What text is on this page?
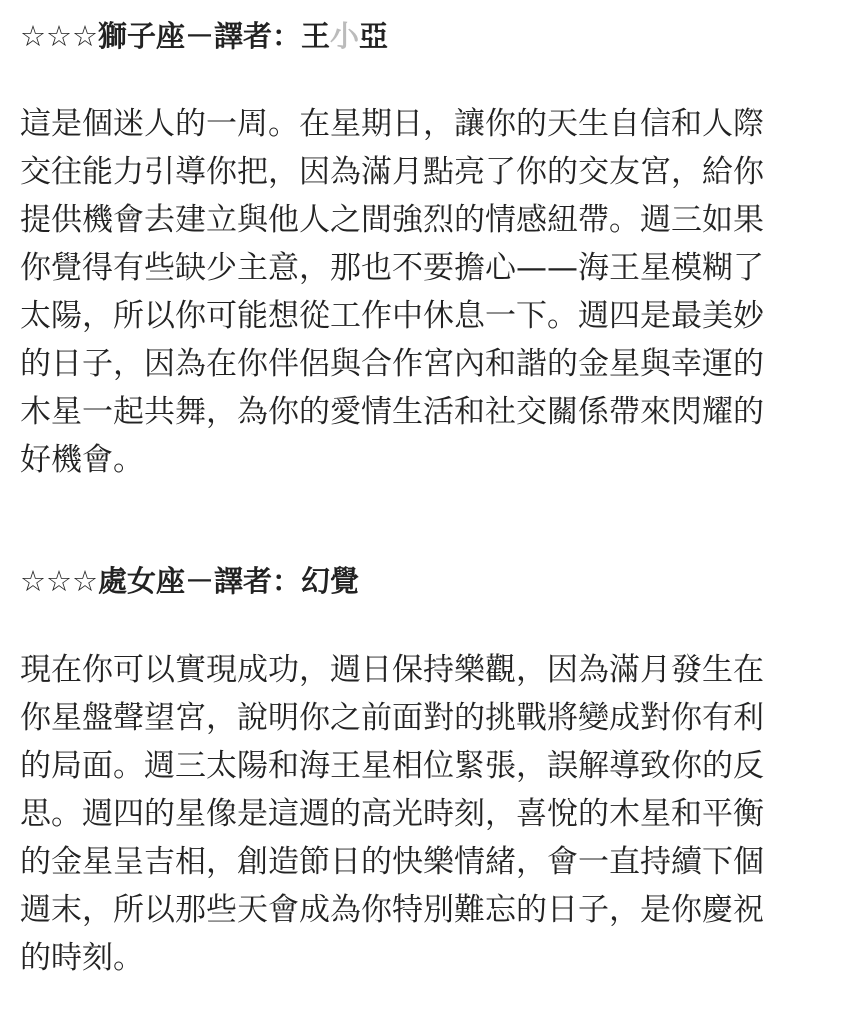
☆☆☆獅子座－譯者：王小亞
這是個迷人的一周。在星期日，讓你的天生自信和人際
交往能力引導你把，因為滿月點亮了你的交友宮，給你
提供機會去建立與他人之間強烈的情感紐帶。週三如果
你覺得有些缺少主意，那也不要擔心——海王星模糊了
太陽，所以你可能想從工作中休息一下。週四是最美妙
的日子，因為在你伴侶與合作宮內和諧的金星與幸運的
木星一起共舞，為你的愛情生活和社交關係帶來閃耀的
好機會。
☆☆☆處女座－譯者：幻覺
現在你可以實現成功，週日保持樂觀，因為滿月發生在
你星盤聲望宮，說明你之前面對的挑戰將變成對你有利
的局面。週三太陽和海王星相位緊張，誤解導致你的反
思。週四的星像是這週的高光時刻，喜悅的木星和平衡
的金星呈吉相，創造節日的快樂情緒，會一直持續下個
週末，所以那些天會成為你特別難忘的日子，是你慶祝
的時刻。
